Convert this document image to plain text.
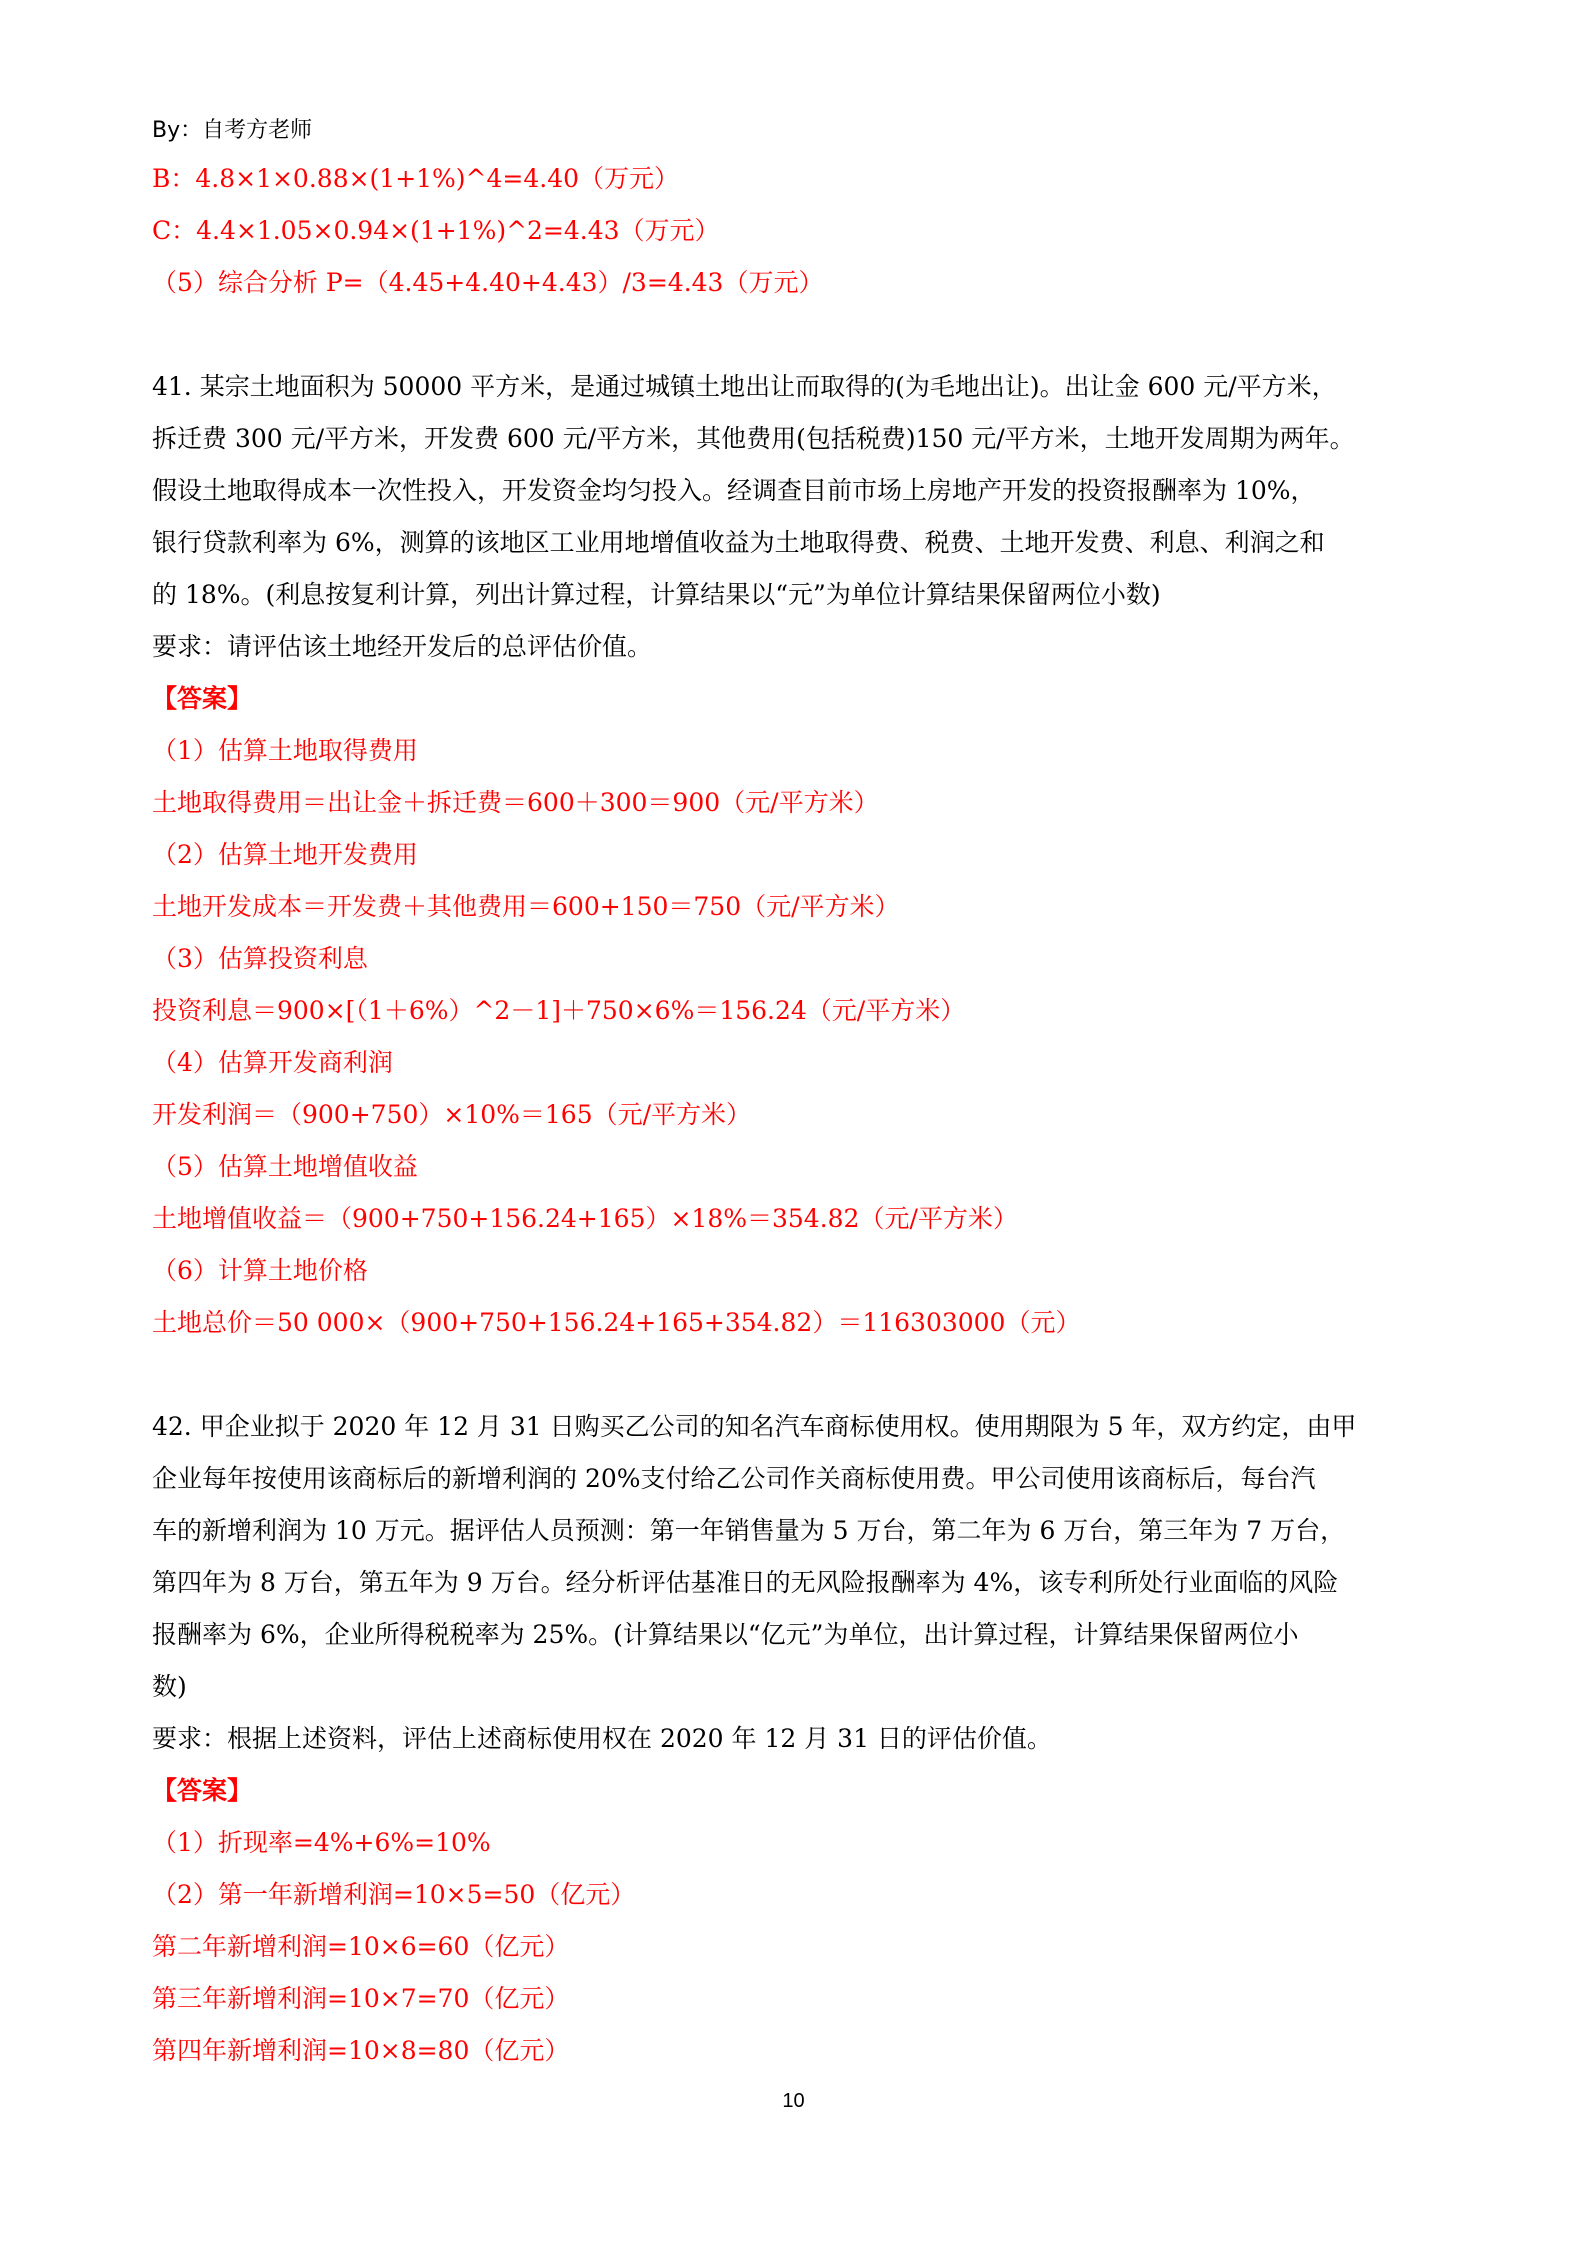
By：自考方老师
B：4.8×1×0.88×(1+1%)^4=4.40（万元）
C：4.4×1.05×0.94×(1+1%)^2=4.43（万元）
（5）综合分析 P=（4.45+4.40+4.43）/3=4.43（万元）
41. 某宗土地面积为 50000 平方米，是通过城镇土地出让而取得的(为毛地出让)。出让金 600 元/平方米，
拆迁费 300 元/平方米，开发费 600 元/平方米，其他费用(包括税费)150 元/平方米，土地开发周期为两年。
假设土地取得成本一次性投入，开发资金均匀投入。经调查目前市场上房地产开发的投资报酬率为 10%，
银行贷款利率为 6%，测算的该地区工业用地增值收益为土地取得费、税费、土地开发费、利息、利润之和
的 18%。(利息按复利计算，列出计算过程，计算结果以“元”为单位计算结果保留两位小数)
要求：请评估该土地经开发后的总评估价值。
【答案】
（1）估算土地取得费用
土地取得费用＝出让金＋拆迁费＝600＋300＝900（元/平方米）
（2）估算土地开发费用
土地开发成本＝开发费＋其他费用＝600+150＝750（元/平方米）
（3）估算投资利息
投资利息＝900×[（1＋6%）^2－1]＋750×6%＝156.24（元/平方米）
（4）估算开发商利润
开发利润＝（900+750）×10%＝165（元/平方米）
（5）估算土地增值收益
土地增值收益＝（900+750+156.24+165）×18%＝354.82（元/平方米）
（6）计算土地价格
土地总价＝50 000×（900+750+156.24+165+354.82）＝116303000（元）
42. 甲企业拟于 2020 年 12 月 31 日购买乙公司的知名汽车商标使用权。使用期限为 5 年，双方约定，由甲
企业每年按使用该商标后的新增利润的 20%支付给乙公司作关商标使用费。甲公司使用该商标后，每台汽
车的新增利润为 10 万元。据评估人员预测：第一年销售量为 5 万台，第二年为 6 万台，第三年为 7 万台，
第四年为 8 万台，第五年为 9 万台。经分析评估基准日的无风险报酬率为 4%，该专利所处行业面临的风险
报酬率为 6%，企业所得税税率为 25%。(计算结果以“亿元”为单位，出计算过程，计算结果保留两位小
数)
要求：根据上述资料，评估上述商标使用权在 2020 年 12 月 31 日的评估价值。
【答案】
（1）折现率=4%+6%=10%
（2）第一年新增利润=10×5=50（亿元）
第二年新增利润=10×6=60（亿元）
第三年新增利润=10×7=70（亿元）
第四年新增利润=10×8=80（亿元）
10
